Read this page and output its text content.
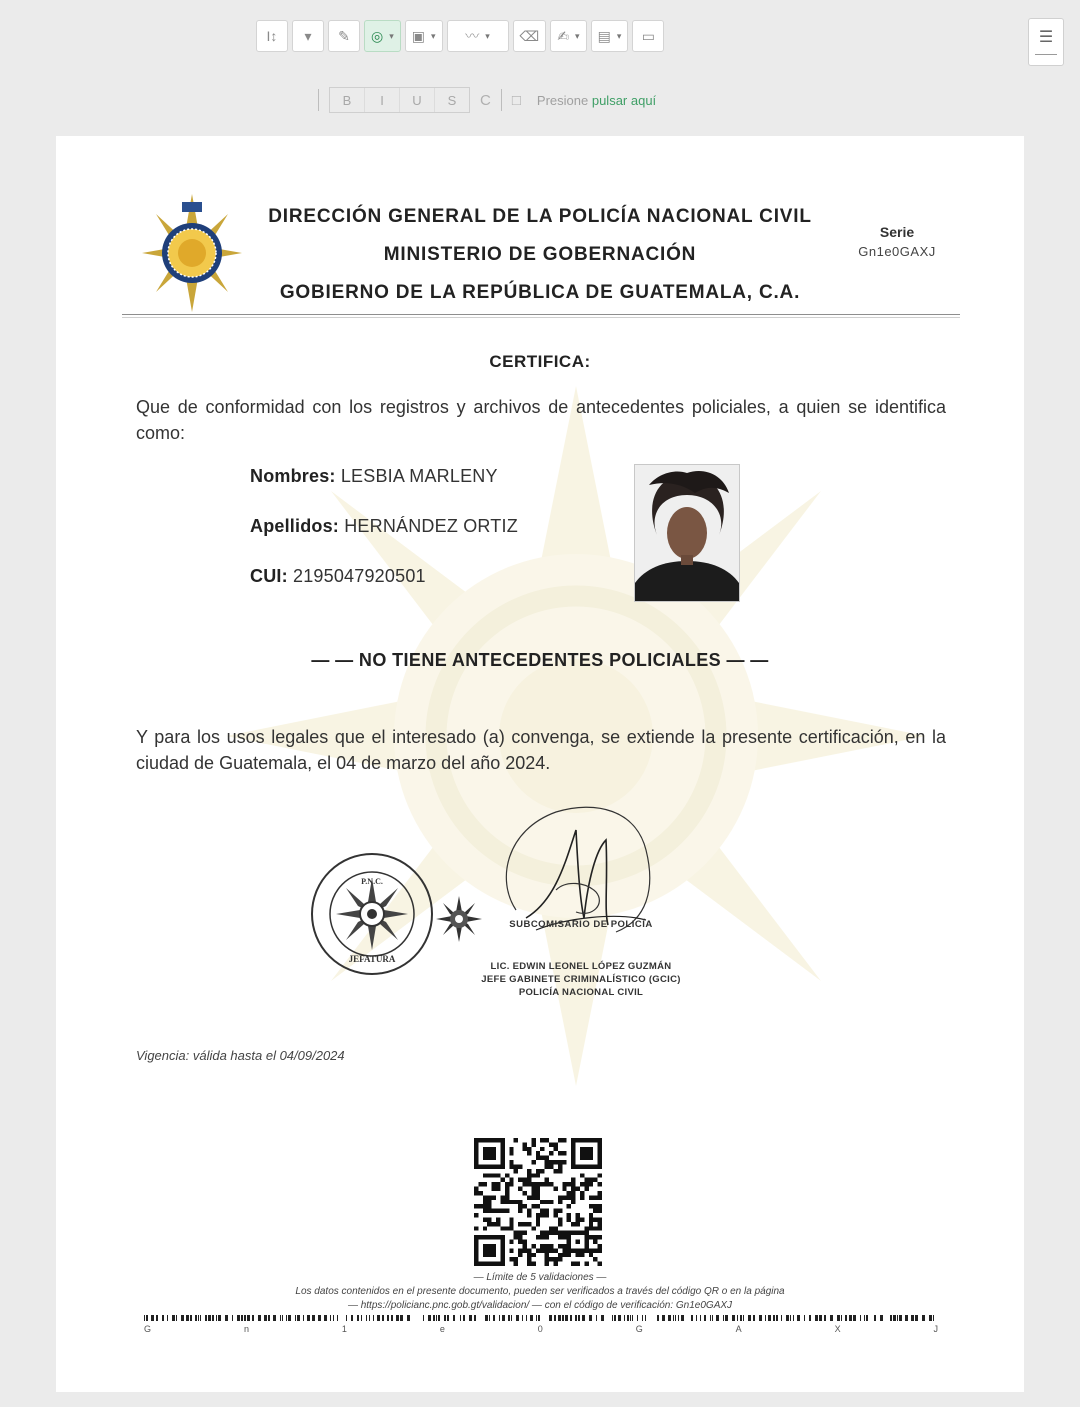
I↕ ▾ ✎ ◎ ▾ ▣ ▾ 〰 ▾ ⌫ ✍ ▾ ▤ ▾ ▭	☰
B	I	U	S	C □ Presione pulsar aquí
DIRECCIÓN GENERAL DE LA POLICÍA NACIONAL CIVIL
MINISTERIO DE GOBERNACIÓN
GOBIERNO DE LA REPÚBLICA DE GUATEMALA, C.A.
Serie
Gn1e0GAXJ
CERTIFICA:
Que de conformidad con los registros y archivos de antecedentes policiales, a quien se identifica como:
Nombres: LESBIA MARLENY
Apellidos: HERNÁNDEZ ORTIZ
CUI: 2195047920501
— — NO TIENE ANTECEDENTES POLICIALES — —
Y para los usos legales que el interesado (a) convenga, se extiende la presente certificación, en la ciudad de Guatemala, el 04 de marzo del año 2024.
P.N.C.
JEFATURA
SUBCOMISARIO DE POLICÍA
LIC. EDWIN LEONEL LÓPEZ GUZMÁN
JEFE GABINETE CRIMINALÍSTICO (GCIC)
POLICÍA NACIONAL CIVIL
Vigencia: válida hasta el 04/09/2024
— Límite de 5 validaciones —
Los datos contenidos en el presente documento, pueden ser verificados a través del código QR o en la página
— https://policianc.pnc.gob.gt/validacion/ — con el código de verificación: Gn1e0GAXJ
G	n	1	e	0	G	A	X	J
